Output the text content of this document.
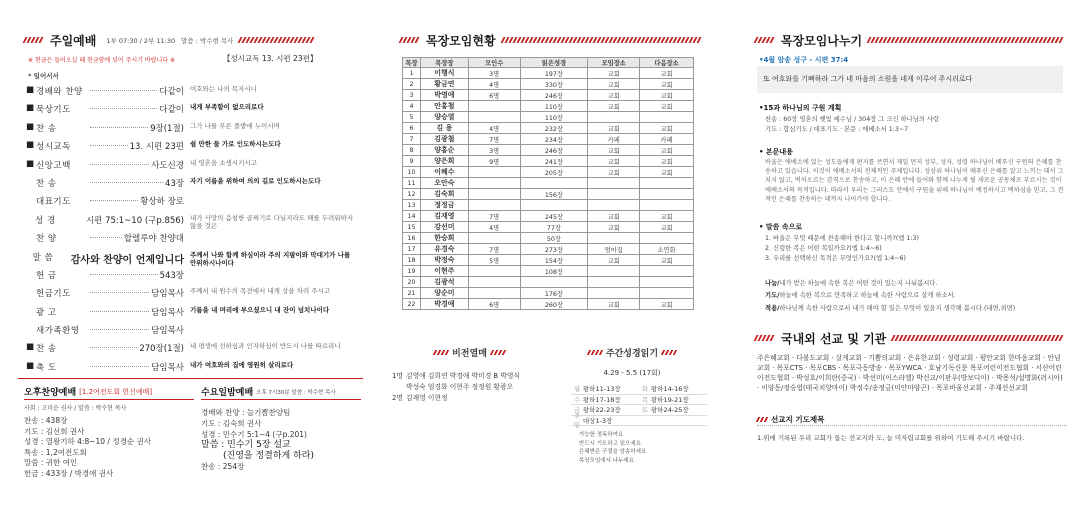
주일예배 1부 07:30 / 2부 11:30 말씀 : 박수현 목사
※ 현금은 들어오실 때 현금함에 넣어 주시기 바랍니다 ※	【성시교독 13. 시편 23편】
* 일어서서
■ 경배와 찬양	다같이 여호와는 나의 목자시니
■ 묵상기도	다같이 내게 부족함이 없으리로다
■ 찬 송	9장(1절) 그가 나를 푸른 풀밭에 누이시며
■ 성시교독	13. 시편 23편 쉴 만한 물 가로 인도하시는도다
■ 신앙고백	사도신경 내 영혼을 소생시키시고
찬 송	43장 자기 이름을 위하여 의의 길로 인도하시는도다
대표기도	황상하 장로
성 경	시편 75:1~10 (구p.856) 내가 사망의 음침한 골짜기로 다닐지라도 해를 두려워하지 않을 것은
찬 양	할렐루야 찬양대
말 씀	감사와 찬양이 언제입니다 주께서 나와 함께 하심이라 주의 지팡이와 막대기가 나를 안위하시나이다
헌 금	543장
헌금기도	담임목사 주께서 내 원수의 목전에서 내게 상을 차려 주시고
광 고	담임목사 기름을 내 머리에 부으셨으니 내 잔이 넘치나이다
새가족환영	담임목사
■ 찬 송	270장(1절) 내 평생에 선하심과 인자하심이 반드시 나를 따르리니
■ 축 도	담임목사 내가 여호와의 집에 영원히 살리로다
오후찬양예배 [1.2여전도회 헌신예배]
사회 : 고미순 권사 / 말씀 : 박수현 목사
찬송 : 438장
기도 : 김선희 권사
성경 : 열왕기하 4:8~10 / 정경순 권사
특송 : 1,2여전도회
말씀 : 귀한 여인
헌금 : 433장 / 박경애 권사
수요일밤예배 오후 7시30분 말씀 : 박수현 목사
경배와 찬양 : 늘기쁨찬양팀
기도 : 김숙희 권사
성경 : 민수기 5:1~4 (구p.201)
말씀 : 민수기 5장 설교
(진영을 정결하게 하라)
찬송 : 254장
목장모임현황
목장	목장장	모인수	읽은성경	모임장소	다음장소
1	이행식	3명	197장	교회	교회
2	황금연	4명	330장	교회	교회
3	박영애	6명	246장	교회	교회
4	안홍철		110장	교회	교회
5	양승열		110장		
6	김 용	4명	232장	교회	교회
7	김광철	7명	234장	카페	카페
8	양홍순	3명	246장	교회	교회
9	양은희	9명	241장	교회	교회
10	이혜수		205장	교회	교회
11	오안숙				
12	김숙희		156장		
13	정정금				
14	김재영	7명	245장	교회	교회
15	강선미	4명	77장	교회	교회
16	한승희		50장		
17	유경숙	7명	273장	엄마집	소연화
18	박정숙	5명	154장	교회	교회
19	이현주		108장		
20	김광석				
21	양순미		176장		
22	박경애	6명	260장	교회	교회
비전열매
1명 김영애 김희연 박경애 박미경 B 박영식
박성숙 엄경화 이현주 정정원 황광오
2명 김재영 이현정
주간성경읽기
4.29 - 5.5 (17회)
월 왕하11-13장	화 왕하14-16장
수 왕하17-18장	목 왕하19-21장
금 왕하22-23장	토 왕하24-25장
주일
대상1-3장
가능한 정독하여요
반드시 기도하고 읽으세요
은혜받은 구절을 암송하세요
목장모임에서 나누세요
목장모임나누기
•4월 암송 성구 - 시편 37:4
또 여호와를 기뻐하라 그가 네 마음의 소원을 네게 이루어 주시리로다
•15과 하나님의 구원 계획
찬송 : 60장 영혼의 햇빛 예수님 / 304장 그 크신 하나님의 사랑
기도 : 합심기도 / 대표기도 · 본문 : 에베소서 1:3~7
• 본문내용
바울은 에베소에 있는 성도들에게 편지를 쓰면서 제일 먼저 성부, 성자, 성령 하나님이 베푸신 구원의 은혜를 찬송하고 있습니다. 이것이 에베소서의 전체적인 주제입니다. 성삼위 하나님이 베푸신 은혜를 알고 느끼는 데서 그치지 않고, 벅차오르는 감격으로 찬송하고, 이 은혜 안에 들어와 함께 나누게 될 새로운 공동체로 부르시는 것이 에베소서의 목적입니다. 따라서 우리는 그리스도 안에서 구원을 위해 하나님이 예정하시고 택하심을 믿고, 그 전적인 은혜를 찬송하는 데까지 나아가야 합니다.
• 말씀 속으로
1. 바울은 무엇 때문에 찬송해야 한다고 할니까?(엡 1:3)
2. 신령한 복은 어떤 복일까요?(엡 1:4~6)
3. 우리를 선택하신 목적은 무엇인가요?(엡 1:4~6)
나눔/내가 받은 하늘에 속한 복은 어떤 것이 있는지 나눠봅시다.
기도/하늘에 속한 복으로 만족하고 하늘에 속한 사람으로 살게 하소서.
적용/하나님께 속한 사람으로서 내가 해야 할 일은 무엇이 있을지 생각해 봅시다.(내면,외면)
국내외 선교 및 기관
주은혜교회 · 다볼도교회 · 살게교회 · 기쁨의교회 · 은유한교회 · 성령교회 · 평안교회 한마음교회 · 안넘교회 · 목포CTS · 목포CBS · 목포극동방송 · 목포YWCA · 호남기독신문 목포어린이전도협회 · 서산어린이전도협회 · 박성호/이희란(중국) · 박선미(이스라엘) 박선교/이판우(방보디아) · 박용석/설명화(러시아) · 이양동/정승엽(태국치앙마이) 박정수/송정금(미얀마양곤) · 목포바울선교회 · 주재선선교회
선교지 기도제목
1.위에 기록된 우리 교회가 돕는 선교지와 도, 늘 미자립교회를 위하여 기도해 주시기 바랍니다.
